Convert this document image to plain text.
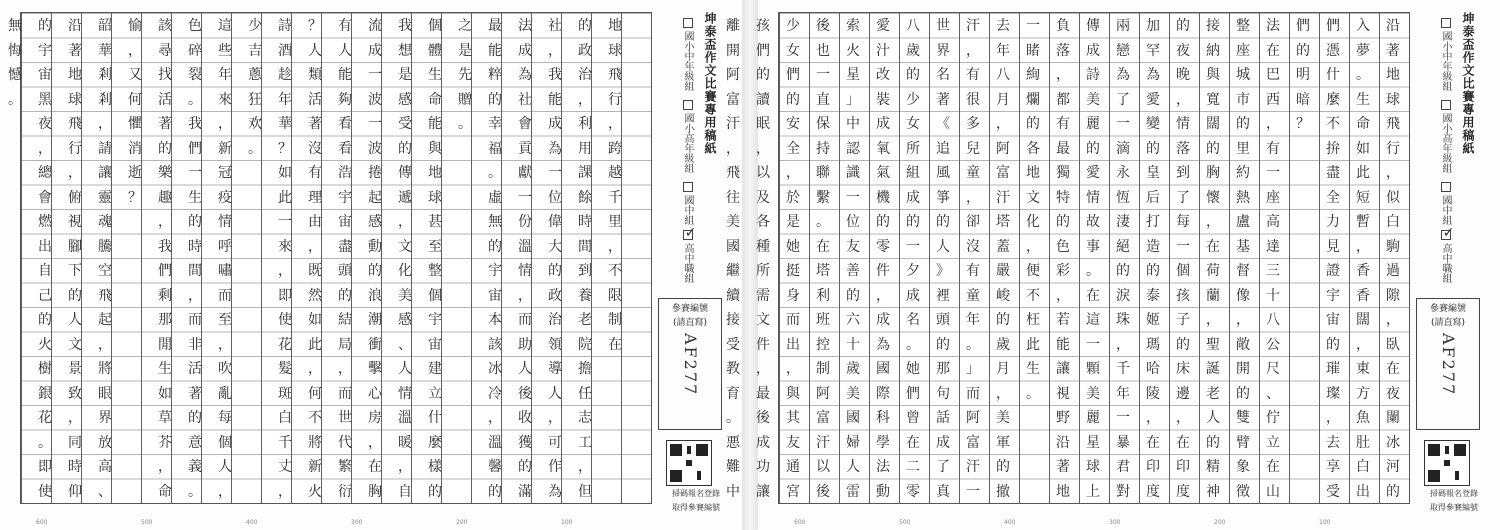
無
悔
憾
。
的
宇
宙
黑
夜
，
總
會
燃
出
自
己
的
火
樹
銀
花
。
即
使
沿
著
地
球
飛
行
，
俯
視
腳
下
的
人
文
景
致
，
同
時
仰
韶
華
剎
剎
，
請
讓
靈
魂
騰
空
飛
起
，
將
眼
界
放
高
、
愉
，
又
何
懼
消
逝
？
該
尋
找
活
著
的
樂
趣
，
我
們
剩
那
閒
生
如
草
芥
，
命
色
碎
裂
。
我
們
一
生
的
時
間
，
而
非
活
著
的
意
義
。
這
些
年
來
，
新
冠
疫
情
呼
嘯
而
至
，
吹
亂
每
個
人
，
少
吉
蔥
狂
欢
。
詩
酒
趁
年
華
？
如
此
一
來
，
即
使
花
髮
斑
白
千
丈
，
？
人
類
活
著
沒
有
理
由
，
既
然
如
此
，
何
不
將
新
火
有
人
能
夠
看
看
浩
宇
宙
盡
頭
的
結
局
，
而
世
代
繁
衍
流
成
一
波
一
波
捲
起
感
動
的
浪
潮
衝
擊
心
房
，
在
胸
我
想
是
感
受
的
傳
遞
，
文
化
美
感
、
人
情
溫
暖
，
自
個
體
生
命
能
與
地
球
甚
至
整
個
宇
宙
建
立
什
麼
樣
的
之
是
先
贈
。
最
能
粹
的
幸
福
。
虛
無
的
宇
宙
本
該
冰
冷
，
溫
馨
的
法
成
為
社
會
貢
獻
一
份
溫
情
，
而
助
人
後
收
獲
的
滿
社
，
我
能
成
為
一
位
偉
大
的
政
治
領
導
人
，
可
作
為
的
政
治
，
利
用
課
餘
時
間
到
養
老
院
擔
任
志
工
，
但
地
球
飛
行
，
跨
越
千
里
，
不
限
制
在
坤泰盃作文比賽專用稿紙
國小中年級組
國小高年級組
國中組
✓
高中職組
參賽編號
(請直寫)
AF277
掃碼報名登錄
取得參賽編號
600	500	400	300	200	100
離
開
阿
富
汗
，
飛
往
美
國
繼
續
接
受
教
育
。
悪
難
中
孩
們
的
讀
眠
，
以
及
各
種
所
需
文
件
，
最
後
成
功
讓
少
女
們
的
安
全
，
於
是
她
挺
身
而
出
，
與
其
友
通
宮
後
也
一
直
保
持
聯
繫
。
在
塔
利
班
控
制
阿
富
汗
以
後
索
火
星
」
中
認
識
一
位
友
善
的
六
十
歲
美
國
婦
人
雷
愛
汁
改
裝
成
氧
氣
機
的
零
件
，
成
為
國
際
科
學
法
動
八
歲
的
少
女
所
組
成
的
一
夕
成
名
。
她
們
曾
在
二
零
世
界
名
著
《
追
風
箏
的
人
》
裡
頭
的
那
句
話
成
了
真
汗
，
有
很
多
兒
童
，
卻
沒
有
童
年
。
」
而
阿
富
汗
一
去
年
八
月
，
阿
富
汗
塔
蓋
嚴
峻
的
歲
月
，
美
軍
的
撤
一
睹
絢
爛
的
各
地
文
化
，
便
不
枉
此
生
。
負
落
，
都
有
最
獨
特
的
色
彩
，
若
能
讓
視
野
沿
著
地
傳
成
詩
美
麗
的
愛
情
故
事
。
在
這
一
顆
美
麗
星
球
上
兩
戀
為
了
一
滴
永
恆
淒
絕
的
淚
珠
，
千
年
一
暴
君
對
加
罕
為
愛
變
的
皇
后
打
造
的
泰
姬
瑪
哈
陵
，
在
印
度
的
夜
晚
，
情
落
到
了
每
一
個
孩
子
的
床
邊
，
在
印
度
接
納
與
寬
闊
的
胸
懷
，
在
荷
蘭
，
聖
誕
老
人
的
精
神
整
座
城
市
的
里
約
熱
盧
基
督
像
，
敞
開
的
雙
臂
象
徵
法
在
巴
西
，
有
一
座
高
達
三
十
八
公
尺
、
佇
立
在
山
們
的
明
暗
？
們
憑
什
麼
不
拚
盡
全
力
見
證
宇
宙
的
璀
璨
，
去
享
受
入
夢
。
生
命
如
此
短
暫
，
香
香
闊
，
東
方
魚
肚
白
出
沿
著
地
球
飛
行
，
似
白
駒
過
隙
，
臥
在
夜
闌
冰
河
的
坤泰盃作文比賽專用稿紙
國小中年級組
國小高年級組
國中組
✓
高中職組
參賽編號
(請直寫)
AF277
掃碼報名登錄
取得參賽編號
600	500	400	300	200	100
